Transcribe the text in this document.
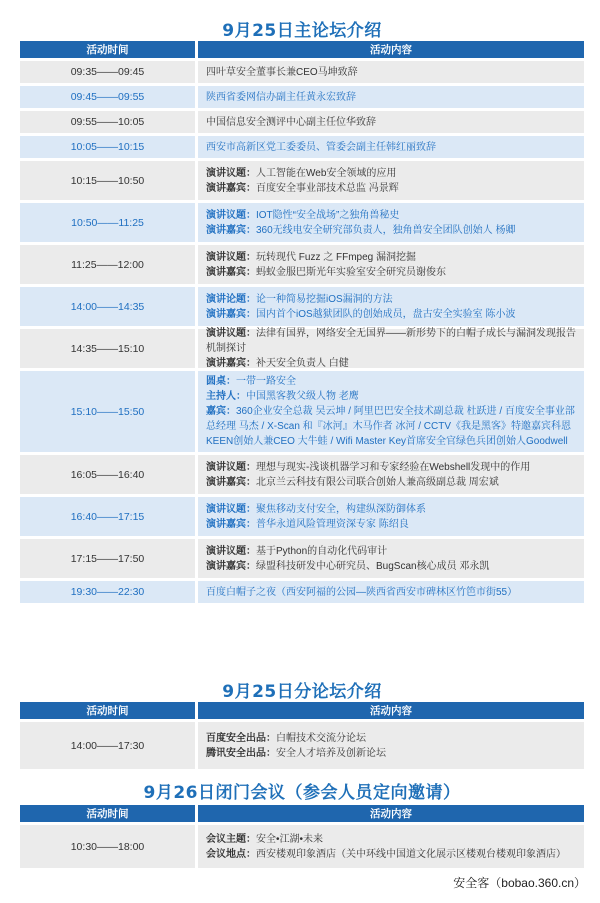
9月25日主论坛介绍
活动时间	活动内容
09:35——09:45	四叶草安全董事长兼CEO马坤致辞
09:45——09:55	陕西省委网信办副主任黄永宏致辞
09:55——10:05	中国信息安全测评中心副主任位华致辞
10:05——10:15	西安市高新区党工委委员、管委会副主任韩红丽致辞
10:15——10:50
演讲议题：人工智能在Web安全领域的应用
演讲嘉宾：百度安全事业部技术总监 冯景辉
10:50——11:25
演讲议题：IOT隐性“安全战场”之独角兽秘史
演讲嘉宾：360无线电安全研究部负责人，独角兽安全团队创始人 杨卿
11:25——12:00
演讲议题：玩转现代 Fuzz 之 FFmpeg 漏洞挖掘
演讲嘉宾：蚂蚁金服巴斯光年实验室安全研究员谢俊东
14:00——14:35
演讲论题：论一种简易挖掘iOS漏洞的方法
演讲嘉宾：国内首个iOS越狱团队的创始成员，盘古安全实验室 陈小波
14:35——15:10
演讲议题：法律有国界，网络安全无国界——新形势下的白帽子成长与漏洞发现报告机制探讨
演讲嘉宾：补天安全负责人 白健
15:10——15:50
圆桌：一带一路安全
主持人：中国黑客教父级人物 老鹰
嘉宾：360企业安全总裁 吴云坤 / 阿里巴巴安全技术副总裁 杜跃进 / 百度安全事业部总经理 马杰 / X-Scan 和『冰河』木马作者 冰河 / CCTV《我是黑客》特邀嘉宾科恩KEEN创始人兼CEO 大牛蛙 / Wifi Master Key首席安全官绿色兵团创始人Goodwell
16:05——16:40
演讲议题：理想与现实-浅谈机器学习和专家经验在Webshell发现中的作用
演讲嘉宾：北京兰云科技有限公司联合创始人兼高级副总裁 周宏斌
16:40——17:15
演讲议题：聚焦移动支付安全，构建纵深防御体系
演讲嘉宾：普华永道风险管理资深专家 陈绍良
17:15——17:50
演讲议题：基于Python的自动化代码审计
演讲嘉宾：绿盟科技研发中心研究员、BugScan核心成员 邓永凯
19:30——22:30	百度白帽子之夜（西安阿福的公园—陕西省西安市碑林区竹笆市街55）
9月25日分论坛介绍
活动时间	活动内容
14:00——17:30
百度安全出品：白帽技术交流分论坛
腾讯安全出品：安全人才培养及创新论坛
9月26日闭门会议（参会人员定向邀请）
活动时间	活动内容
10:30——18:00
会议主题：安全•江湖•未来
会议地点：西安楼观印象酒店（关中环线中国道文化展示区楼观台楼观印象酒店）
安全客（bobao.360.cn）
